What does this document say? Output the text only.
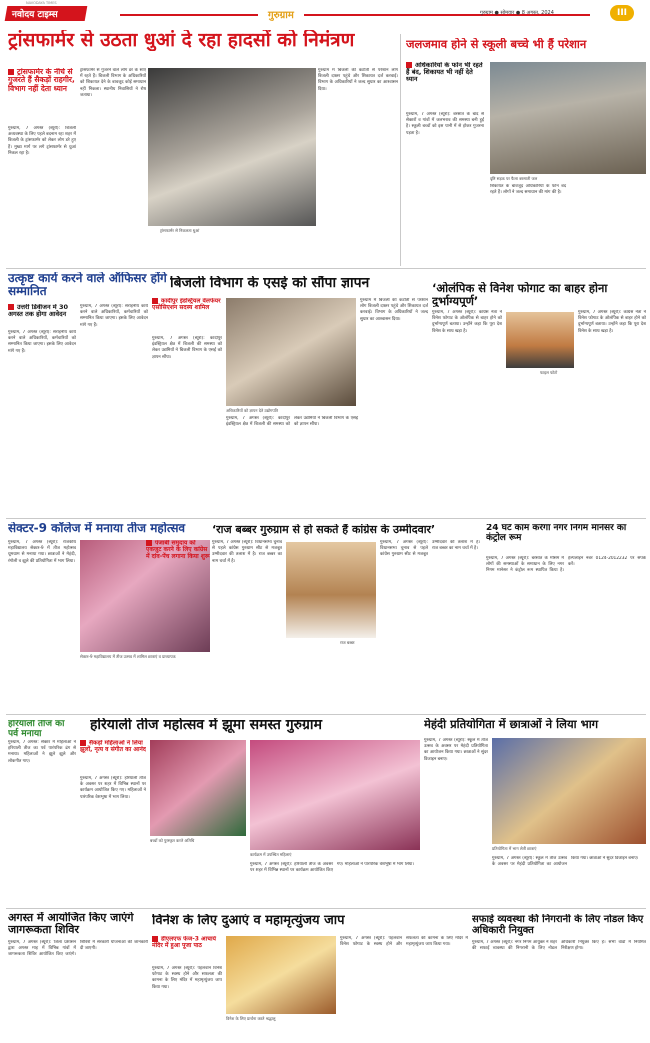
NAVODAYA TIMES
नवोदय टाइम्स	गुरुग्राम	गुरुग्राम ● सोमवार ● 8 अगस्त, 2024	III
ट्रांसफार्मर से उठता धुआं दे रहा हादसों को निमंत्रण
ट्रांसफार्मर के नीचे से गुजरते हैं सैकड़ों राहगीर, विभाग नहीं देता ध्यान
गुरुग्राम, 7 अगस्त (ब्यूरो): बिजली अव्यवस्था के लिए पहले बदनाम रहा शहर में बिजली के ट्रांसफार्मर को लेकर लोग डरे हुए हैं। मुख्य मार्ग पर लगे ट्रांसफार्मर से धुआं निकल रहा है।
ट्रांसफार्मर से गुजरने वाले लोग डर के साए में रहते हैं। बिजली विभाग के अधिकारियों को शिकायत देने के बावजूद कोई समाधान नहीं निकला। स्थानीय निवासियों ने रोष जताया।
ट्रांसफार्मर से निकलता धुआं
गुरुग्राम में बिजली की कटौती से परेशान लोग बिजली दफ्तर पहुंचे और शिकायत दर्ज करवाई। विभाग के अधिकारियों ने जल्द सुधार का आश्वासन दिया।
जलजमाव होने से स्कूली बच्चे भी हैं परेशान
अधिकारियों के फोन भी रहते हैं बंद, शिकायत भी नहीं देते ध्यान
गुरुग्राम, 7 अगस्त (ब्यूरो): बरसात के बाद से सेक्टरों व गांवों में जलभराव की समस्या बनी हुई है। स्कूली बच्चों को इस पानी में से होकर गुजरना पड़ता है।
दृष्टि सड़क पर फैला बरसाती जल
शिकायत के बावजूद अधिकारियों के फोन बंद रहते हैं। लोगों ने जल्द समाधान की मांग की है।
उत्कृष्ट कार्य करने वाले ऑफिसर होंगे सम्मानित
उत्तरी डिवीजन में 30 अगस्त तक होगा आवेदन
गुरुग्राम, 7 अगस्त (ब्यूरो): सराहनीय कार्य करने वाले अधिकारियों, कर्मचारियों को सम्मानित किया जाएगा। इसके लिए आवेदन मांगे गए हैं।
गुरुग्राम, 7 अगस्त (ब्यूरो): सराहनीय कार्य करने वाले अधिकारियों, कर्मचारियों को सम्मानित किया जाएगा। इसके लिए आवेदन मांगे गए हैं।
बिजली विभाग के एसई को सौंपा ज्ञापन
कादीपुर इंडस्ट्रियल वेलफेयर एसोसिएशन सदस्य शामिल
गुरुग्राम, 7 अगस्त (ब्यूरो): कादीपुर इंडस्ट्रियल क्षेत्र में बिजली की समस्या को लेकर उद्यमियों ने बिजली विभाग के एसई को ज्ञापन सौंपा।
अधिकारियों को ज्ञापन देते उद्योगपति
गुरुग्राम, 7 अगस्त (ब्यूरो): कादीपुर इंडस्ट्रियल क्षेत्र में बिजली की समस्या को लेकर उद्यमियों ने बिजली विभाग के एसई को ज्ञापन सौंपा।
गुरुग्राम में बिजली की कटौती से परेशान लोग बिजली दफ्तर पहुंचे और शिकायत दर्ज करवाई। विभाग के अधिकारियों ने जल्द सुधार का आश्वासन दिया।
‘ओलंपिक से विनेश फोगाट का बाहर होना दुर्भाग्यपूर्ण’
गुरुग्राम, 7 अगस्त (ब्यूरो): कांग्रेस नेता ने विनेश फोगाट के ओलंपिक से बाहर होने को दुर्भाग्यपूर्ण बताया। उन्होंने कहा कि पूरा देश विनेश के साथ खड़ा है।
फाइल फोटो
गुरुग्राम, 7 अगस्त (ब्यूरो): कांग्रेस नेता ने विनेश फोगाट के ओलंपिक से बाहर होने को दुर्भाग्यपूर्ण बताया। उन्होंने कहा कि पूरा देश विनेश के साथ खड़ा है।
सेक्टर-9 कॉलेज में मनाया तीज महोत्सव
गुरुग्राम, 7 अगस्त (ब्यूरो): राजकीय महाविद्यालय सेक्टर-9 में तीज महोत्सव धूमधाम से मनाया गया। छात्राओं ने मेहंदी, रंगोली व झूले की प्रतियोगिता में भाग लिया।
सेक्टर-9 महाविद्यालय में तीज उत्सव में शामिल छात्राएं व प्राध्यापक
‘राज बब्बर गुरुग्राम से हो सकते हैं कांग्रेस के उम्मीदवार’
पंजाबी समुदाय को एकजुट करने के लिए कांग्रेस में दांव-पेंच लगाना किया शुरू
गुरुग्राम, 7 अगस्त (ब्यूरो): विधानसभा चुनाव से पहले कांग्रेस गुरुग्राम सीट से मजबूत उम्मीदवार की तलाश में है। राज बब्बर का नाम चर्चा में है।
राज बब्बर
गुरुग्राम, 7 अगस्त (ब्यूरो): विधानसभा चुनाव से पहले कांग्रेस गुरुग्राम सीट से मजबूत उम्मीदवार की तलाश में है। राज बब्बर का नाम चर्चा में है।
24 घंटे काम करेगा नगर निगम मानेसर का कंट्रोल रूम
गुरुग्राम, 7 अगस्त (ब्यूरो): बरसात के मौसम में लोगों की समस्याओं के समाधान के लिए नगर निगम मानेसर ने कंट्रोल रूम स्थापित किया है। हेल्पलाइन नंबर 0124-2012232 पर संपर्क करें।
हरियाली तीज का पर्व मनाया
गुरुग्राम, 7 अगस्त: सेक्टर में महिलाओं ने हरियाली तीज का पर्व पारंपरिक ढंग से मनाया। महिलाओं ने झूले झूले और लोकगीत गाए।
हरियाली तीज महोत्सव में झूमा समस्त गुरुग्राम
सैकड़ों महिलाओं ने लिया झूलों, नृत्य व संगीत का आनंद
गुरुग्राम, 7 अगस्त (ब्यूरो): हरियाली तीज के अवसर पर शहर में विभिन्न स्थानों पर कार्यक्रम आयोजित किए गए। महिलाओं ने पारंपरिक वेशभूषा में भाग लिया।
बच्चों को पुरस्कृत करते अतिथि
कार्यक्रम में उपस्थित महिलाएं
गुरुग्राम, 7 अगस्त (ब्यूरो): हरियाली तीज के अवसर पर शहर में विभिन्न स्थानों पर कार्यक्रम आयोजित किए गए। महिलाओं ने पारंपरिक वेशभूषा में भाग लिया।
मेहंदी प्रतियोगिता में छात्राओं ने लिया भाग
गुरुग्राम, 7 अगस्त (ब्यूरो): स्कूल में तीज उत्सव के अवसर पर मेहंदी प्रतियोगिता का आयोजन किया गया। छात्राओं ने सुंदर डिजाइन बनाए।
प्रतियोगिता में भाग लेती छात्राएं
गुरुग्राम, 7 अगस्त (ब्यूरो): स्कूल में तीज उत्सव के अवसर पर मेहंदी प्रतियोगिता का आयोजन किया गया। छात्राओं ने सुंदर डिजाइन बनाए।
अगस्त में आयोजित किए जाएंगे जागरूकता शिविर
गुरुग्राम, 7 अगस्त (ब्यूरो): जिला प्रशासन द्वारा अगस्त माह में विभिन्न गांवों में जागरूकता शिविर आयोजित किए जाएंगे। शिविरों में सरकारी योजनाओं की जानकारी दी जाएगी।
विनेश के लिए दुआएं व महामृत्युंजय जाप
डीएलएफ फेज-3 आचार्य मंदिर में हुआ पूजा पाठ
गुरुग्राम, 7 अगस्त (ब्यूरो): पहलवान विनेश फोगाट के स्वस्थ होने और सफलता की कामना के लिए मंदिर में महामृत्युंजय जाप किया गया।
विनेश के लिए प्रार्थना करते श्रद्धालु
गुरुग्राम, 7 अगस्त (ब्यूरो): पहलवान विनेश फोगाट के स्वस्थ होने और सफलता की कामना के लिए मंदिर में महामृत्युंजय जाप किया गया।
सफाई व्यवस्था की निगरानी के लिए नोडल किए अधिकारी नियुक्त
गुरुग्राम, 7 अगस्त (ब्यूरो): नगर निगम आयुक्त ने शहर की सफाई व्यवस्था की निगरानी के लिए नोडल अधिकारी नियुक्त किए हैं। सभी वार्डों में नियमित निरीक्षण होगा।
